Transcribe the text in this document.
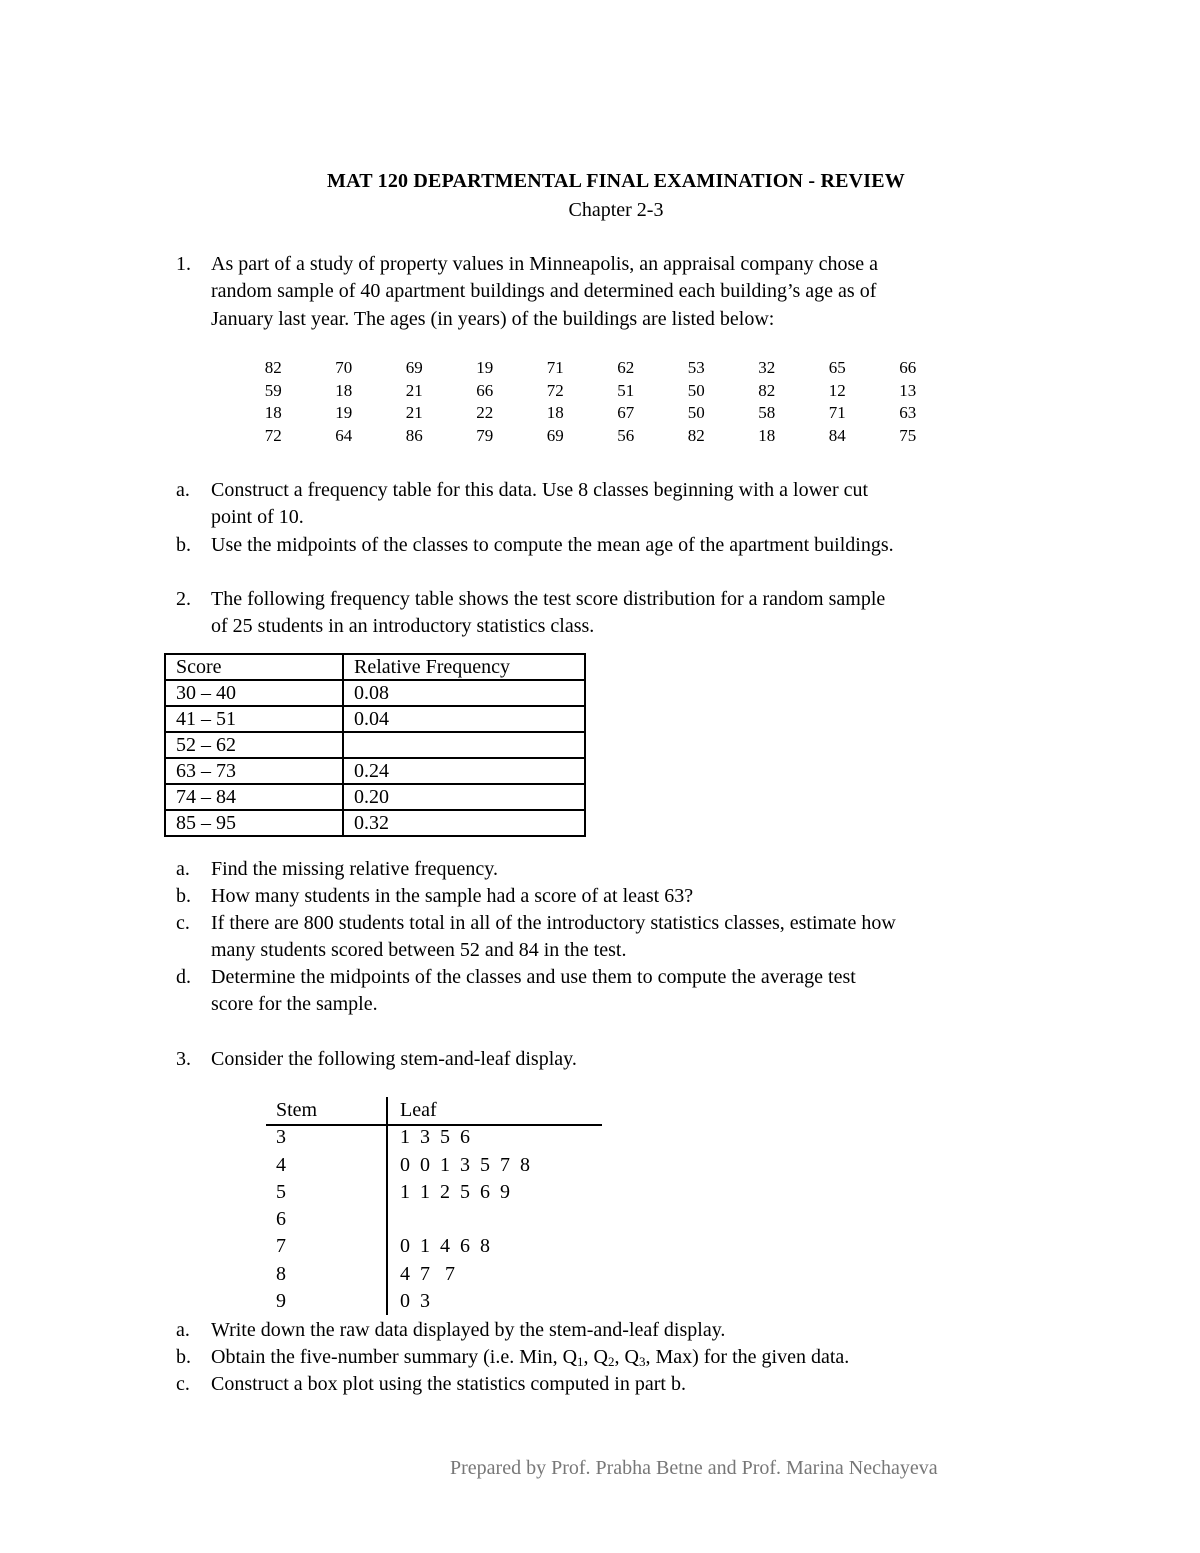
MAT 120 DEPARTMENTAL FINAL EXAMINATION - REVIEW
Chapter 2-3
1. As part of a study of property values in Minneapolis, an appraisal company chose a
random sample of 40 apartment buildings and determined each building’s age as of
January last year. The ages (in years) of the buildings are listed below:
82	70	69	19	71	62	53	32	65	66
59	18	21	66	72	51	50	82	12	13
18	19	21	22	18	67	50	58	71	63
72	64	86	79	69	56	82	18	84	75
a. Construct a frequency table for this data. Use 8 classes beginning with a lower cut
point of 10.
b. Use the midpoints of the classes to compute the mean age of the apartment buildings.
2. The following frequency table shows the test score distribution for a random sample
of 25 students in an introductory statistics class.
Score	Relative Frequency
30 – 40	0.08
41 – 51	0.04
52 – 62	
63 – 73	0.24
74 – 84	0.20
85 – 95	0.32
a. Find the missing relative frequency.
b. How many students in the sample had a score of at least 63?
c. If there are 800 students total in all of the introductory statistics classes, estimate how
many students scored between 52 and 84 in the test.
d. Determine the midpoints of the classes and use them to compute the average test
score for the sample.
3. Consider the following stem-and-leaf display.
Stem	Leaf
3	1  3  5  6
4	0  0  1  3  5  7  8
5	1  1  2  5  6  9
6
7	0  1  4  6  8
8	4  7   7
9	0  3
a. Write down the raw data displayed by the stem-and-leaf display.
b. Obtain the five-number summary (i.e. Min, $Q_1$, $Q_2$, $Q_3$, Max) for the given data.
c. Construct a box plot using the statistics computed in part b.
Prepared by Prof. Prabha Betne and Prof. Marina Nechayeva
